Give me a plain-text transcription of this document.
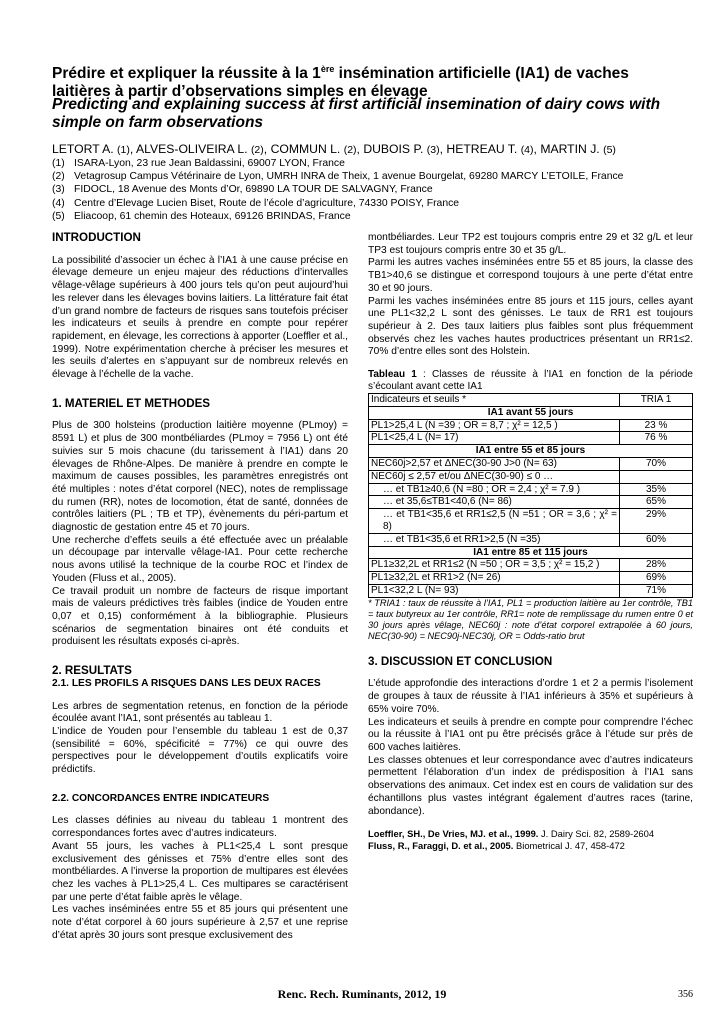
Prédire et expliquer la réussite à la 1ère insémination artificielle (IA1) de vaches laitières à partir d’observations simples en élevage
Predicting and explaining success at first artificial insemination of dairy cows with simple on farm observations
LETORT A. (1), ALVES-OLIVEIRA L. (2), COMMUN L. (2), DUBOIS P. (3), HETREAU T. (4), MARTIN J. (5)
(1) ISARA-Lyon, 23 rue Jean Baldassini, 69007 LYON, France
(2) Vetagrosup Campus Vétérinaire de Lyon, UMRH INRA de Theix, 1 avenue Bourgelat, 69280 MARCY L’ETOILE, France
(3) FIDOCL, 18 Avenue des Monts d’Or, 69890 LA TOUR DE SALVAGNY, France
(4) Centre d’Elevage Lucien Biset, Route de l’école d’agriculture, 74330 POISY, France
(5) Eliacoop, 61 chemin des Hoteaux, 69126 BRINDAS, France
INTRODUCTION

La possibilité d’associer un échec à l’IA1 à une cause précise en élevage demeure un enjeu majeur des réductions d’intervalles vêlage-vêlage supérieurs à 400 jours tels qu’on peut aujourd’hui les relever dans les élevages bovins laitiers. La littérature fait état d’un grand nombre de facteurs de risques sans toutefois préciser les indicateurs et seuils à prendre en compte pour repérer rapidement, en élevage, les corrections à apporter (Loeffler et al., 1999). Notre expérimentation cherche à préciser les mesures et les seuils d’alertes en s’appuyant sur de nombreux relevés en élevage à l’échelle de la vache.

1. MATERIEL ET METHODES

Plus de 300 holsteins (production laitière moyenne (PLmoy) = 8591 L) et plus de 300 montbéliardes (PLmoy = 7956 L) ont été suivies sur 5 mois chacune (du tarissement à l’IA1) dans 20 élevages de Rhône-Alpes. De manière à prendre en compte le maximum de causes possibles, les paramètres enregistrés ont été multiples : notes d’état corporel (NEC), notes de remplissage du rumen (RR), notes de locomotion, état de santé, données de contrôles laitiers (PL ; TB et TP), évènements du péri-partum et diagnostic de gestation entre 45 et 70 jours.

Une recherche d’effets seuils a été effectuée avec un préalable un découpage par intervalle vêlage-IA1. Pour cette recherche nous avons utilisé la technique de la courbe ROC et l’index de Youden (Fluss et al., 2005).

Ce travail produit un nombre de facteurs de risque important mais de valeurs prédictives très faibles (indice de Youden entre 0,07 et 0,15) conformément à la bibliographie. Plusieurs scénarios de segmentation binaires ont été conduits et produisent les résultats exposés ci-après.

2. RESULTATS
2.1. LES PROFILS A RISQUES DANS LES DEUX RACES

Les arbres de segmentation retenus, en fonction de la période écoulée avant l’IA1, sont présentés au tableau 1.

L’indice de Youden pour l’ensemble du tableau 1 est de 0,37 (sensibilité = 60%, spécificité = 77%) ce qui ouvre des perspectives pour le développement d’outils explicatifs voire prédictifs.

2.2. CONCORDANCES ENTRE INDICATEURS

Les classes définies au niveau du tableau 1 montrent des correspondances fortes avec d’autres indicateurs.

Avant 55 jours, les vaches à PL1<25,4 L sont presque exclusivement des génisses et 75% d’entre elles sont des montbéliardes. A l’inverse la proportion de multipares est élevées chez les vaches à PL1>25,4 L. Ces multipares se caractérisent par une perte d’état faible après le vêlage.

Les vaches inséminées entre 55 et 85 jours qui présentent une note d’état corporel à 60 jours supérieure à 2,57 et une reprise d’état après 30 jours sont presque exclusivement des

montbéliardes. Leur TP2 est toujours compris entre 29 et 32 g/L et leur TP3 est toujours compris entre 30 et 35 g/L.

Parmi les autres vaches inséminées entre 55 et 85 jours, la classe des TB1>40,6 se distingue et correspond toujours à une perte d’état entre 30 et 90 jours.

Parmi les vaches inséminées entre 85 jours et 115 jours, celles ayant une PL1<32,2 L sont des génisses. Le taux de RR1 est toujours supérieur à 2. Des taux laitiers plus faibles sont plus fréquemment observés chez les vaches hautes productrices présentant un RR1≤2. 70% d’entre elles sont des Holstein.

Tableau 1 : Classes de réussite à l’IA1 en fonction de la période s’écoulant avant cette IA1
Indicateurs et seuils *	TRIA 1
IA1 avant 55 jours	
PL1>25,4 L (N =39 ; OR = 8,7 ; χ² = 12,5 )	23 %
PL1<25,4 L (N= 17)	76 %
IA1 entre 55 et 85 jours	
NEC60j>2,57 et ΔNEC(30-90 J>0 (N= 63)	70%
NEC60j ≤ 2,57 et/ou ΔNEC(30-90) ≤ 0 …	
… et TB1≥40,6 (N =80 ; OR = 2,4 ; χ² = 7.9 )	35%
… et 35,6≤TB1<40,6 (N= 86)	65%
… et TB1<35,6 et RR1≤2,5 (N =51 ; OR = 3,6 ; χ² = 8)	29%
… et TB1<35,6 et RR1>2,5 (N =35)	60%
IA1 entre 85 et 115 jours	
PL1≥32,2L et RR1≤2 (N =50 ; OR = 3,5 ; χ² = 15,2 )	28%
PL1≥32,2L et RR1>2 (N= 26)	69%
PL1<32,2 L (N= 93)	71%
* TRIA1 : taux de réussite à l’IA1, PL1 = production laitière au 1er contrôle, TB1 = taux butyreux au 1er contrôle, RR1= note de remplissage du rumen entre 0 et 30 jours après vêlage, NEC60j : note d’état corporel extrapolée à 60 jours, NEC(30-90) = NEC90j-NEC30j, OR = Odds-ratio brut
3. DISCUSSION ET CONCLUSION

L’étude approfondie des interactions d’ordre 1 et 2 a permis l’isolement de groupes à taux de réussite à l’IA1 inférieurs à 35% et supérieurs à 65% voire 70%.

Les indicateurs et seuils à prendre en compte pour comprendre l’échec ou la réussite à l’IA1 ont pu être précisés grâce à l’étude sur près de 600 vaches laitières.

Les classes obtenues et leur correspondance avec d’autres indicateurs permettent l’élaboration d’un index de prédisposition à l’IA1 sans observations des animaux. Cet index est en cours de validation sur des échantillons plus vastes intégrant également d’autres races (tarine, abondance).

Loeffler, SH., De Vries, MJ. et al., 1999. J. Dairy Sci. 82, 2589-2604
Fluss, R., Faraggi, D. et al., 2005. Biometrical J. 47, 458-472
Renc. Rech. Ruminants, 2012, 19	356
